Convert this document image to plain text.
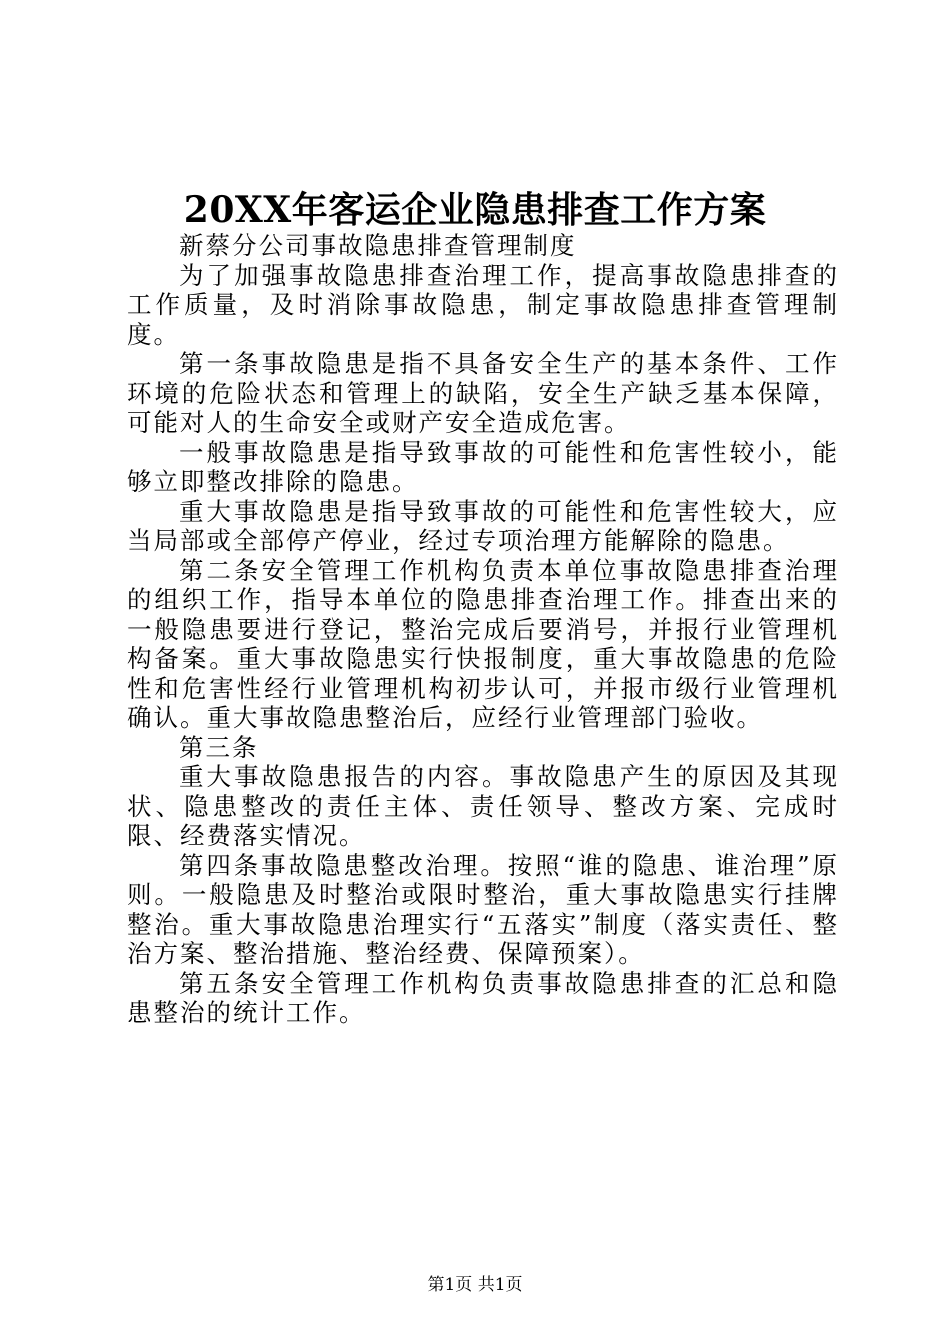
20XX年客运企业隐患排查工作方案

新蔡分公司事故隐患排查管理制度

为了加强事故隐患排查治理工作，提高事故隐患排查的工作质量，及时消除事故隐患，制定事故隐患排查管理制度。

第一条事故隐患是指不具备安全生产的基本条件、工作环境的危险状态和管理上的缺陷，安全生产缺乏基本保障，可能对人的生命安全或财产安全造成危害。

一般事故隐患是指导致事故的可能性和危害性较小，能够立即整改排除的隐患。

重大事故隐患是指导致事故的可能性和危害性较大，应当局部或全部停产停业，经过专项治理方能解除的隐患。

第二条安全管理工作机构负责本单位事故隐患排查治理的组织工作，指导本单位的隐患排查治理工作。排查出来的一般隐患要进行登记，整治完成后要消号，并报行业管理机构备案。重大事故隐患实行快报制度，重大事故隐患的危险性和危害性经行业管理机构初步认可，并报市级行业管理机确认。重大事故隐患整治后，应经行业管理部门验收。

第三条

重大事故隐患报告的内容。事故隐患产生的原因及其现状、隐患整改的责任主体、责任领导、整改方案、完成时限、经费落实情况。

第四条事故隐患整改治理。按照“谁的隐患、谁治理”原则。一般隐患及时整治或限时整治，重大事故隐患实行挂牌整治。重大事故隐患治理实行“五落实”制度（落实责任、整治方案、整治措施、整治经费、保障预案）。

第五条安全管理工作机构负责事故隐患排查的汇总和隐患整治的统计工作。

第1页 共1页
